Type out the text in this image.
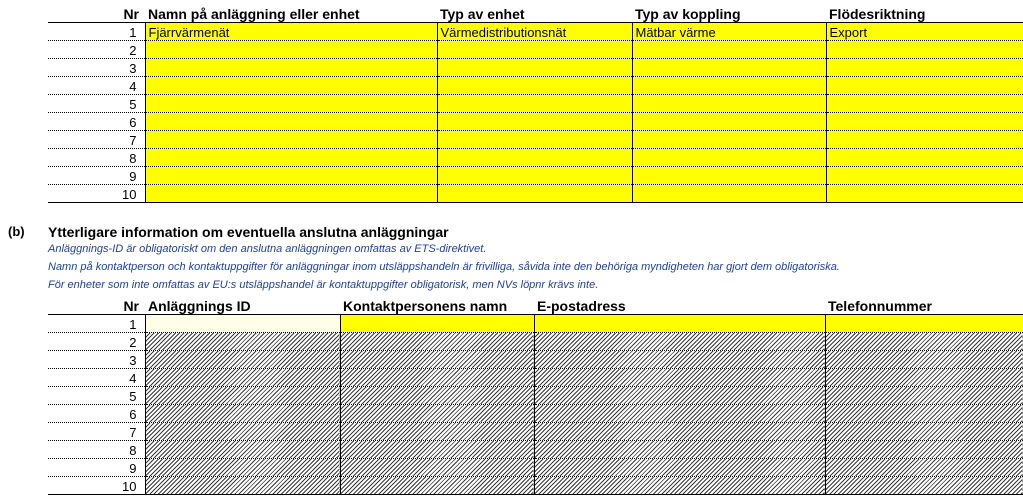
Nr	Namn på anläggning eller enhet	Typ av enhet	Typ av koppling	Flödesriktning
1	Fjärrvärmenät	Värmedistributionsnät	Mätbar värme	Export
2				
3				
4				
5				
6				
7				
8				
9				
10				
(b) Ytterligare information om eventuella anslutna anläggningar
Anläggnings-ID är obligatoriskt om den anslutna anläggningen omfattas av ETS-direktivet.
Namn på kontaktperson och kontaktuppgifter för anläggningar inom utsläppshandeln är frivilliga, såvida inte den behöriga myndigheten har gjort dem obligatoriska.
För enheter som inte omfattas av EU:s utsläppshandel är kontaktuppgifter obligatorisk, men NVs löpnr krävs inte.
Nr	Anläggnings ID	Kontaktpersonens namn	E-postadress	Telefonnummer
1				
2				
3				
4				
5				
6				
7				
8				
9				
10				
